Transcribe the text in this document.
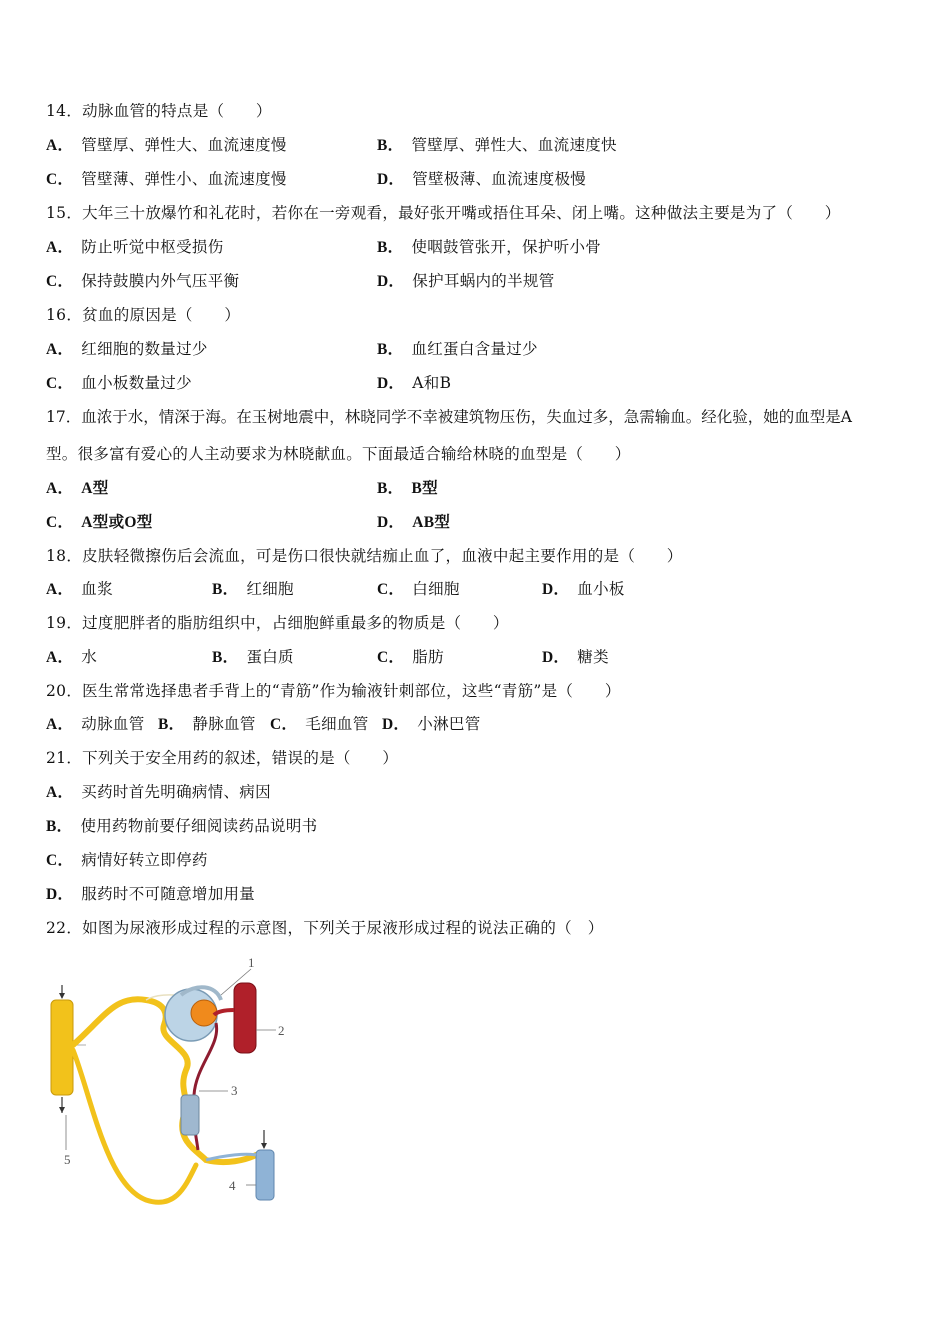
14．动脉血管的特点是（　　）
A． 管壁厚、弹性大、血流速度慢	B． 管壁厚、弹性大、血流速度快
C． 管壁薄、弹性小、血流速度慢	D． 管壁极薄、血流速度极慢
15．大年三十放爆竹和礼花时，若你在一旁观看，最好张开嘴或捂住耳朵、闭上嘴。这种做法主要是为了（　　）
A． 防止听觉中枢受损伤	B． 使咽鼓管张开，保护听小骨
C． 保持鼓膜内外气压平衡	D． 保护耳蜗内的半规管
16．贫血的原因是（　　）
A． 红细胞的数量过少	B． 血红蛋白含量过少
C． 血小板数量过少	D． A和B
17．血浓于水，情深于海。在玉树地震中，林晓同学不幸被建筑物压伤，失血过多，急需输血。经化验，她的血型是A
型。很多富有爱心的人主动要求为林晓献血。下面最适合输给林晓的血型是（　　）
A． A型	B． B型
C． A型或O型	D． AB型
18．皮肤轻微擦伤后会流血，可是伤口很快就结痂止血了，血液中起主要作用的是（　　）
A． 血浆	B． 红细胞	C． 白细胞	D． 血小板
19．过度肥胖者的脂肪组织中，占细胞鲜重最多的物质是（　　）
A． 水	B． 蛋白质	C． 脂肪	D． 糖类
20．医生常常选择患者手背上的“青筋”作为输液针刺部位，这些“青筋”是（　　）
A． 动脉血管 B． 静脉血管 C． 毛细血管 D． 小淋巴管
21．下列关于安全用药的叙述，错误的是（　　）
A． 买药时首先明确病情、病因
B． 使用药物前要仔细阅读药品说明书
C． 病情好转立即停药
D． 服药时不可随意增加用量
22．如图为尿液形成过程的示意图，下列关于尿液形成过程的说法正确的（　）
1
2
3
4
5
